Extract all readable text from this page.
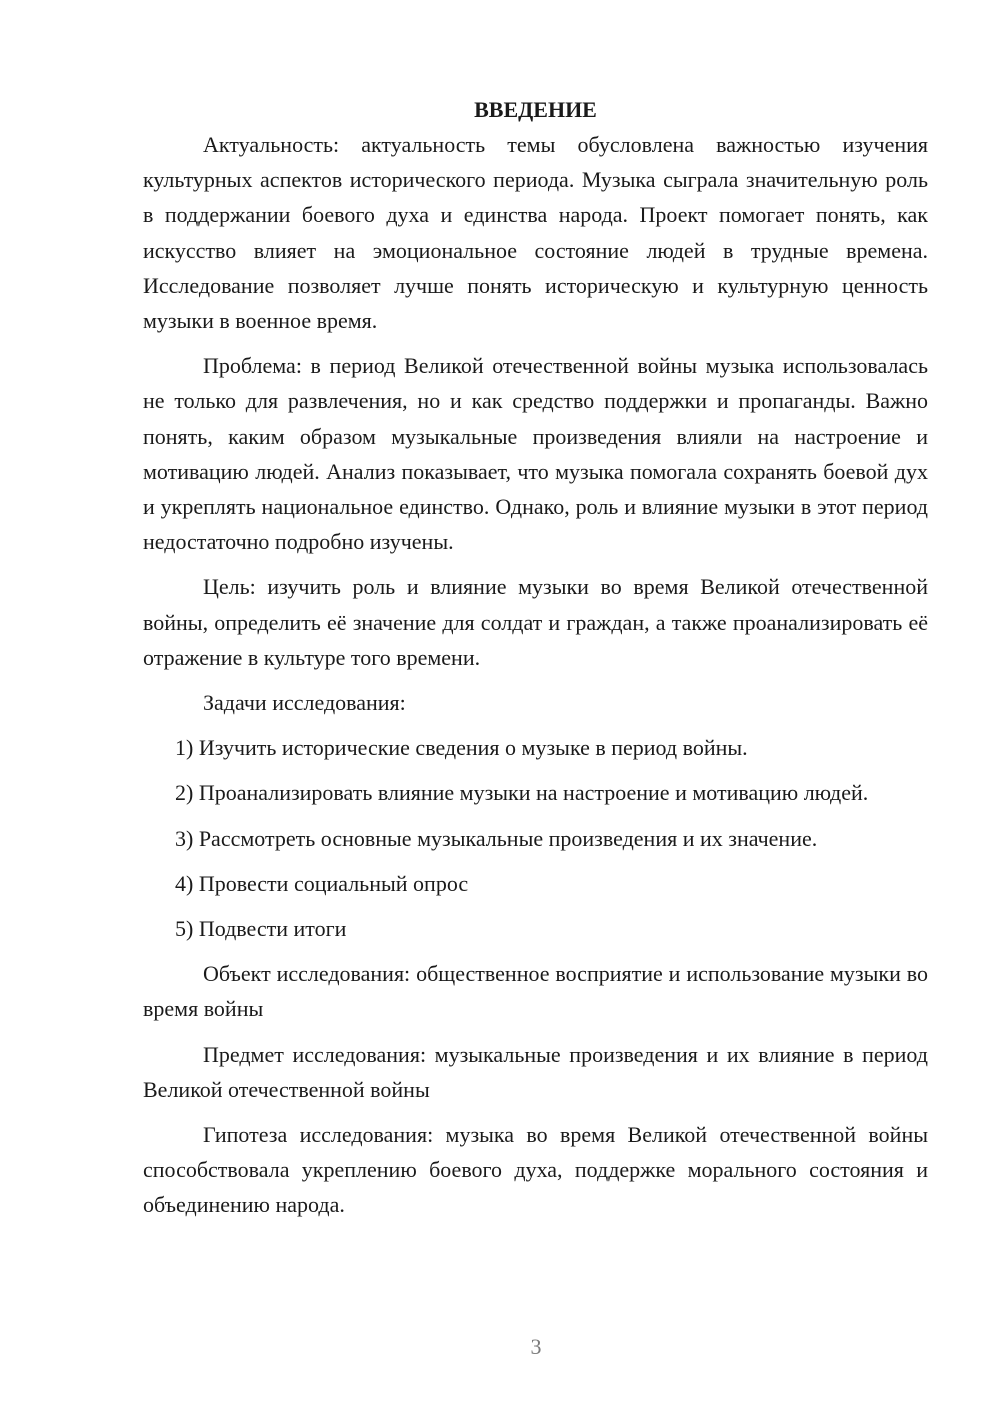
ВВЕДЕНИЕ

Актуальность: актуальность темы обусловлена важностью изучения культурных аспектов исторического периода. Музыка сыграла значительную роль в поддержании боевого духа и единства народа. Проект помогает понять, как искусство влияет на эмоциональное состояние людей в трудные времена. Исследование позволяет лучше понять историческую и культурную ценность музыки в военное время.

Проблема: в период Великой отечественной войны музыка использовалась не только для развлечения, но и как средство поддержки и пропаганды. Важно понять, каким образом музыкальные произведения влияли на настроение и мотивацию людей. Анализ показывает, что музыка помогала сохранять боевой дух и укреплять национальное единство. Однако, роль и влияние музыки в этот период недостаточно подробно изучены.

Цель: изучить роль и влияние музыки во время Великой отечественной войны, определить её значение для солдат и граждан, а также проанализировать её отражение в культуре того времени.

Задачи исследования:

1) Изучить исторические сведения о музыке в период войны.

2) Проанализировать влияние музыки на настроение и мотивацию людей.

3) Рассмотреть основные музыкальные произведения и их значение.

4) Провести социальный опрос

5) Подвести итоги

Объект исследования: общественное восприятие и использование музыки во время войны

Предмет исследования: музыкальные произведения и их влияние в период Великой отечественной войны

Гипотеза исследования: музыка во время Великой отечественной войны способствовала укреплению боевого духа, поддержке морального состояния и объединению народа.

3
